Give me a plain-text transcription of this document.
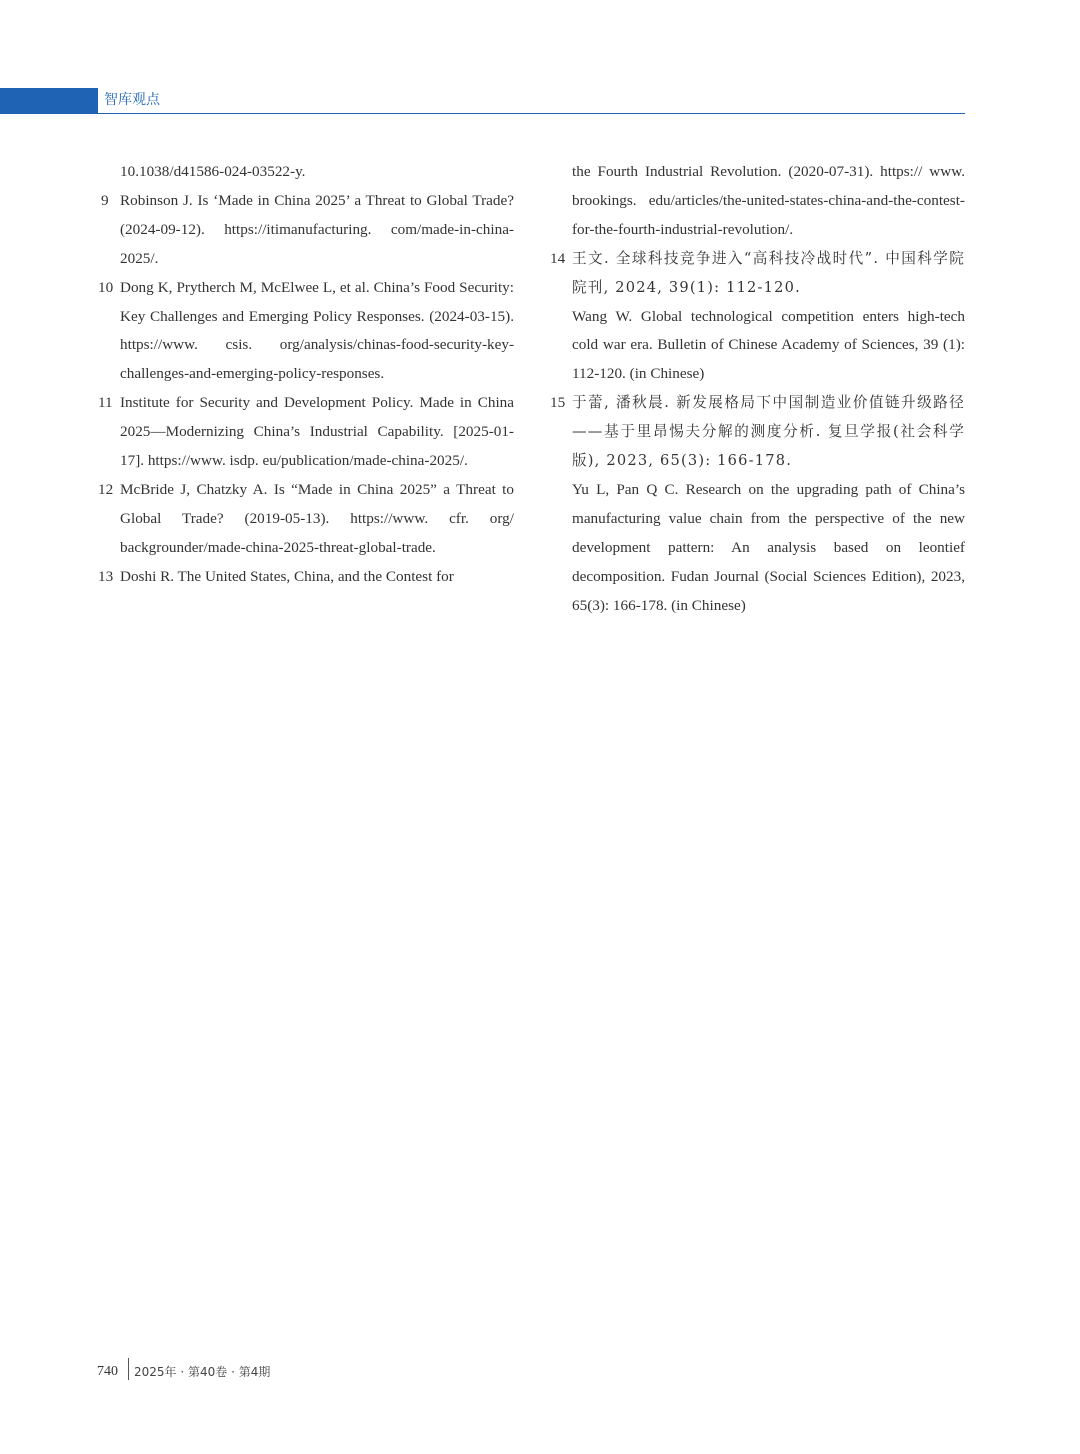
智库观点
10.1038/d41586-024-03522-y.
9 Robinson J. Is ‘Made in China 2025’ a Threat to Global Trade? (2024-09-12). https://itimanufacturing. com/made-in-china-2025/.
10 Dong K, Prytherch M, McElwee L, et al. China’s Food Security: Key Challenges and Emerging Policy Responses. (2024-03-15). https://www. csis. org/analysis/chinas-food-security-key-challenges-and-emerging-policy-responses.
11 Institute for Security and Development Policy. Made in China 2025—Modernizing China’s Industrial Capability. [2025-01-17]. https://www. isdp. eu/publication/made-china-2025/.
12 McBride J, Chatzky A. Is “Made in China 2025” a Threat to Global Trade? (2019-05-13). https://www. cfr. org/ backgrounder/made-china-2025-threat-global-trade.
13 Doshi R. The United States, China, and the Contest for
the Fourth Industrial Revolution. (2020-07-31). https:// www. brookings. edu/articles/the-united-states-china-and-the-contest-for-the-fourth-industrial-revolution/.
14 王文. 全球科技竞争进入“高科技冷战时代”. 中国科学院院刊, 2024, 39(1): 112-120.
Wang W. Global technological competition enters high-tech cold war era. Bulletin of Chinese Academy of Sciences, 39 (1): 112-120. (in Chinese)
15 于蕾, 潘秋晨. 新发展格局下中国制造业价值链升级路径——基于里昂惕夫分解的测度分析. 复旦学报(社会科学版), 2023, 65(3): 166-178.
Yu L, Pan Q C. Research on the upgrading path of China’s manufacturing value chain from the perspective of the new development pattern: An analysis based on leontief decomposition. Fudan Journal (Social Sciences Edition), 2023, 65(3): 166-178. (in Chinese)
740 2025年 · 第40卷 · 第4期
